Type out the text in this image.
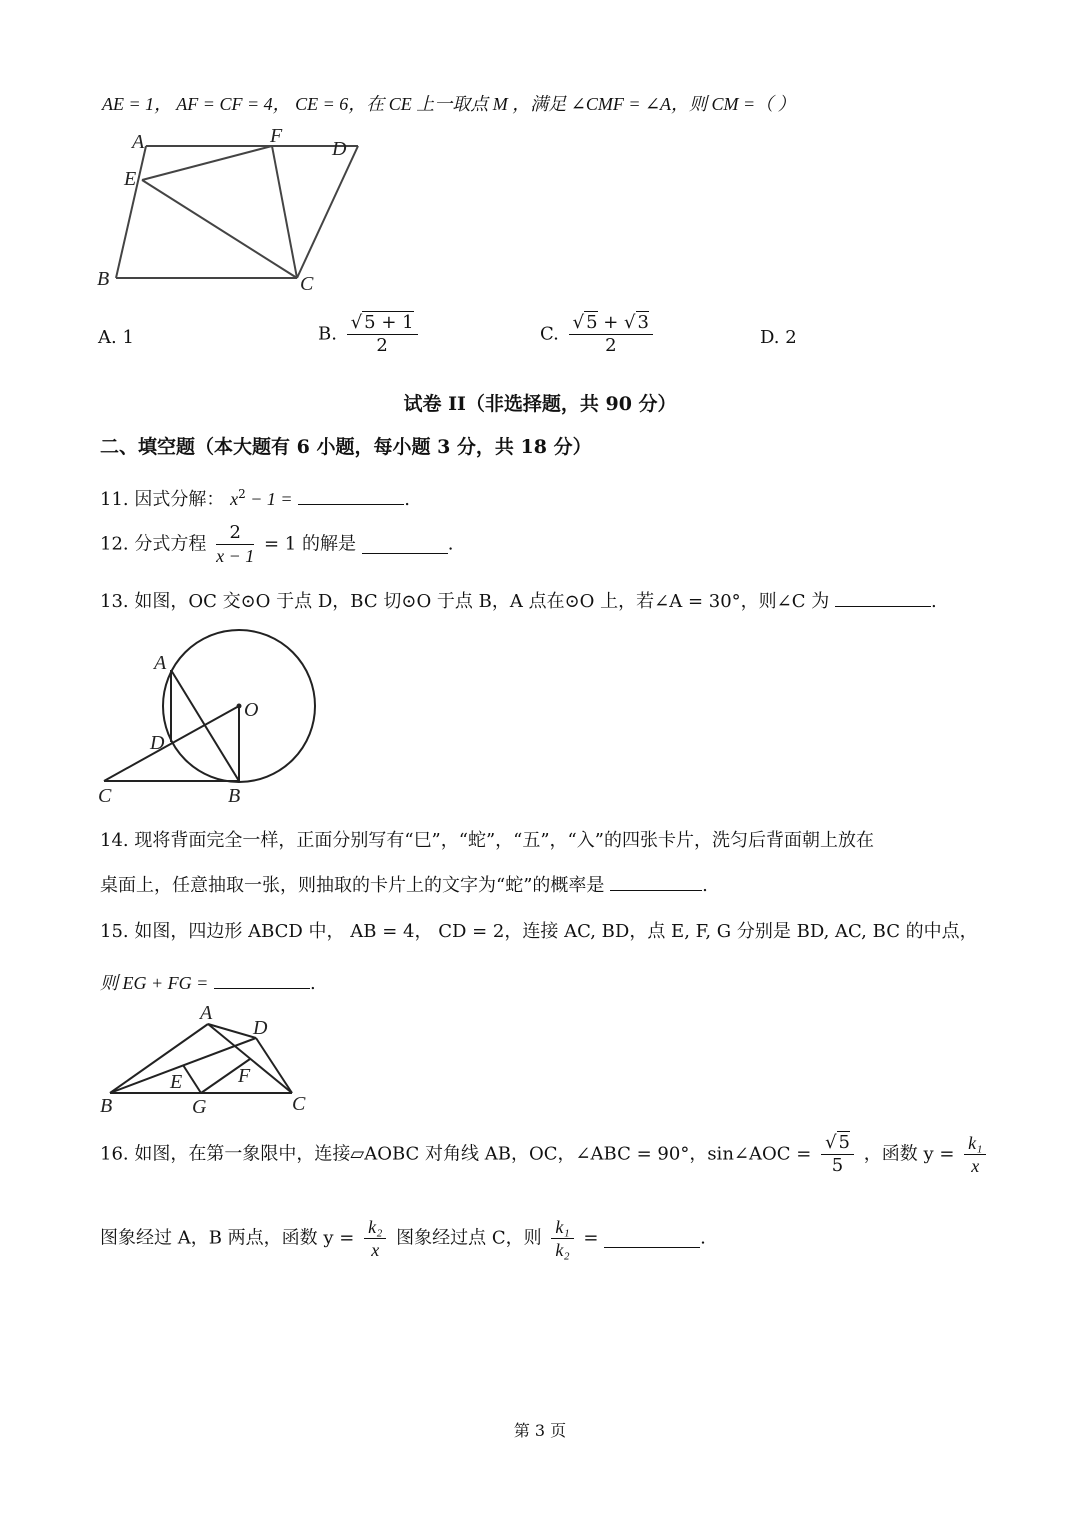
AE = 1， AF = CF = 4， CE = 6，在 CE 上一取点 M ，满足 ∠CMF = ∠A，则 CM =（ ）
A	F
D
E
B	C
A. 1	B. $\frac{√ 5 + 1}{2}$	C. $\frac{√ 5 + √ 3}{2}$	D. 2
试卷 II（非选择题，共 90 分）
二、填空题（本大题有 6 小题，每小题 3 分，共 18 分）
11. 因式分解： $x^2 - 1$ =	.
12. 分式方程 $\frac{2}{x - 1} = 1$ 的解是	.
13. 如图，OC 交⊙O 于点 D，BC 切⊙O 于点 B，A 点在⊙O 上，若∠A = 30°，则∠C 为	.
A
O
D
C	B
14. 现将背面完全一样，正面分别写有“巳”，“蛇”，“五”，“入”的四张卡片，洗匀后背面朝上放在
桌面上，任意抽取一张，则抽取的卡片上的文字为“蛇”的概率是	.
15. 如图，四边形 ABCD 中， AB = 4， CD = 2，连接 AC, BD，点 E, F, G 分别是 BD, AC, BC 的中点，
则 EG + FG =	.
A
D
E	F
B	G	C
16. 如图，在第一象限中，连接▱AOBC 对角线 AB，OC，∠ABC = 90°，sin∠AOC = $\frac{√ 5}{5}$ ，函数 $y = \frac{\text{k₁}}{x}$
图象经过 A，B 两点，函数 $y = \frac{\text{k₂}}{x}$ 图象经过点 C，则 $\frac{\text{k₁}}{\text{k₂}}$ =	.
第 3 页
